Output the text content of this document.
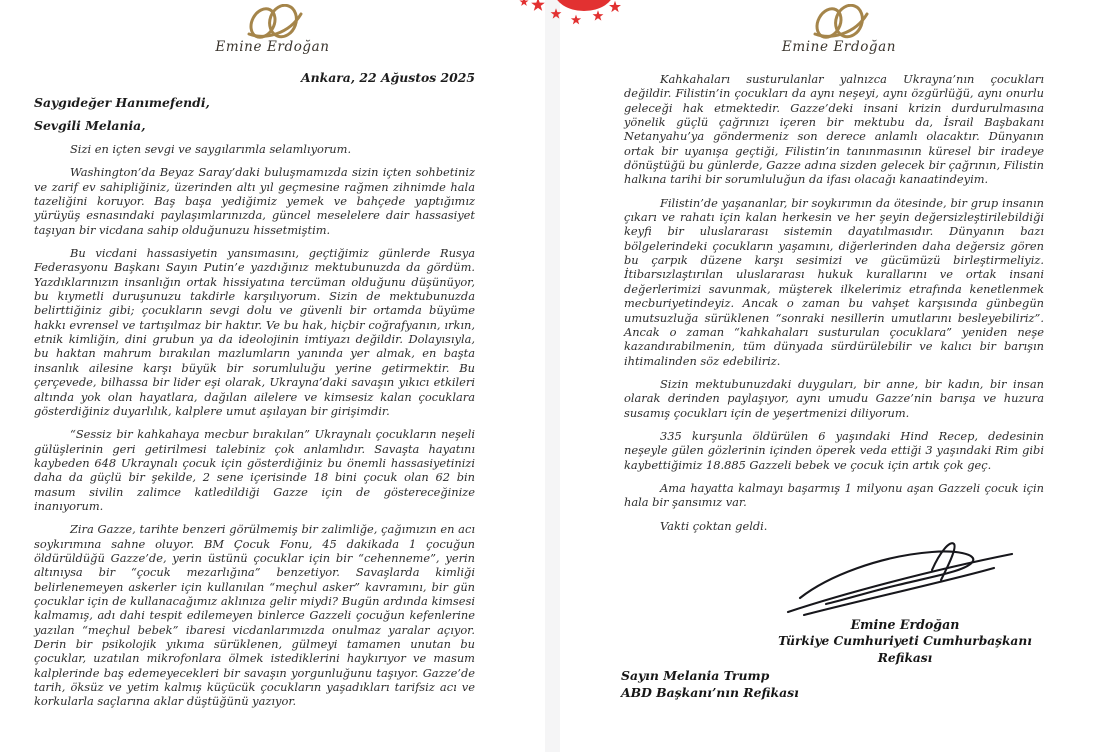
Emine Erdoğan

Ankara, 22 Ağustos 2025

Saygıdeğer Hanımefendi,

Sevgili Melania,

Sizi en içten sevgi ve saygılarımla selamlıyorum.

Washington’da Beyaz Saray’daki buluşmamızda sizin içten sohbetiniz ve zarif ev sahipliğiniz, üzerinden altı yıl geçmesine rağmen zihnimde hala tazeliğini koruyor. Baş başa yediğimiz yemek ve bahçede yaptığımız yürüyüş esnasındaki paylaşımlarınızda, güncel meselelere dair hassasiyet taşıyan bir vicdana sahip olduğunuzu hissetmiştim.

Bu vicdani hassasiyetin yansımasını, geçtiğimiz günlerde Rusya Federasyonu Başkanı Sayın Putin’e yazdığınız mektubunuzda da gördüm. Yazdıklarınızın insanlığın ortak hissiyatına tercüman olduğunu düşünüyor, bu kıymetli duruşunuzu takdirle karşılıyorum. Sizin de mektubunuzda belirttiğiniz gibi; çocukların sevgi dolu ve güvenli bir ortamda büyüme hakkı evrensel ve tartışılmaz bir haktır. Ve bu hak, hiçbir coğrafyanın, ırkın, etnik kimliğin, dini grubun ya da ideolojinin imtiyazı değildir. Dolayısıyla, bu haktan mahrum bırakılan mazlumların yanında yer almak, en başta insanlık ailesine karşı büyük bir sorumluluğu yerine getirmektir. Bu çerçevede, bilhassa bir lider eşi olarak, Ukrayna’daki savaşın yıkıcı etkileri altında yok olan hayatlara, dağılan ailelere ve kimsesiz kalan çocuklara gösterdiğiniz duyarlılık, kalplere umut aşılayan bir girişimdir.

“Sessiz bir kahkahaya mecbur bırakılan” Ukraynalı çocukların neşeli gülüşlerinin geri getirilmesi talebiniz çok anlamlıdır. Savaşta hayatını kaybeden 648 Ukraynalı çocuk için gösterdiğiniz bu önemli hassasiyetinizi daha da güçlü bir şekilde, 2 sene içerisinde 18 bini çocuk olan 62 bin masum sivilin zalimce katledildiği Gazze için de göstereceğinize inanıyorum.

Zira Gazze, tarihte benzeri görülmemiş bir zalimliğe, çağımızın en acı soykırımına sahne oluyor. BM Çocuk Fonu, 45 dakikada 1 çocuğun öldürüldüğü Gazze’de, yerin üstünü çocuklar için bir “cehenneme”, yerin altınıysa bir “çocuk mezarlığına” benzetiyor. Savaşlarda kimliği belirlenemeyen askerler için kullanılan “meçhul asker” kavramını, bir gün çocuklar için de kullanacağımız aklınıza gelir miydi? Bugün ardında kimsesi kalmamış, adı dahi tespit edilemeyen binlerce Gazzeli çocuğun kefenlerine yazılan “meçhul bebek” ibaresi vicdanlarımızda onulmaz yaralar açıyor. Derin bir psikolojik yıkıma sürüklenen, gülmeyi tamamen unutan bu çocuklar, uzatılan mikrofonlara ölmek istediklerini haykırıyor ve masum kalplerinde baş edemeyecekleri bir savaşın yorgunluğunu taşıyor. Gazze’de tarih, öksüz ve yetim kalmış küçücük çocukların yaşadıkları tarifsiz acı ve korkularla saçlarına aklar düştüğünü yazıyor.

Emine Erdoğan

Kahkahaları susturulanlar yalnızca Ukrayna’nın çocukları değildir. Filistin’in çocukları da aynı neşeyi, aynı özgürlüğü, aynı onurlu geleceği hak etmektedir. Gazze’deki insani krizin durdurulmasına yönelik güçlü çağrınızı içeren bir mektubu da, İsrail Başbakanı Netanyahu’ya göndermeniz son derece anlamlı olacaktır. Dünyanın ortak bir uyanışa geçtiği, Filistin’in tanınmasının küresel bir iradeye dönüştüğü bu günlerde, Gazze adına sizden gelecek bir çağrının, Filistin halkına tarihi bir sorumluluğun da ifası olacağı kanaatindeyim.

Filistin’de yaşananlar, bir soykırımın da ötesinde, bir grup insanın çıkarı ve rahatı için kalan herkesin ve her şeyin değersizleştirilebildiği keyfi bir uluslararası sistemin dayatılmasıdır. Dünyanın bazı bölgelerindeki çocukların yaşamını, diğerlerinden daha değersiz gören bu çarpık düzene karşı sesimizi ve gücümüzü birleştirmeliyiz. İtibarsızlaştırılan uluslararası hukuk kurallarını ve ortak insani değerlerimizi savunmak, müşterek ilkelerimiz etrafında kenetlenmek mecburiyetindeyiz. Ancak o zaman bu vahşet karşısında günbegün umutsuzluğa sürüklenen “sonraki nesillerin umutlarını besleyebiliriz”. Ancak o zaman “kahkahaları susturulan çocuklara” yeniden neşe kazandırabilmenin, tüm dünyada sürdürülebilir ve kalıcı bir barışın ihtimalinden söz edebiliriz.

Sizin mektubunuzdaki duyguları, bir anne, bir kadın, bir insan olarak derinden paylaşıyor, aynı umudu Gazze’nin barışa ve huzura susamış çocukları için de yeşertmenizi diliyorum.

335 kurşunla öldürülen 6 yaşındaki Hind Recep, dedesinin neşeyle gülen gözlerinin içinden öperek veda ettiği 3 yaşındaki Rim gibi kaybettiğimiz 18.885 Gazzeli bebek ve çocuk için artık çok geç.

Ama hayatta kalmayı başarmış 1 milyonu aşan Gazzeli çocuk için hala bir şansımız var.

Vakti çoktan geldi.

Emine Erdoğan
Türkiye Cumhuriyeti Cumhurbaşkanı Refikası
Sayın Melania Trump
ABD Başkanı’nın Refikası
